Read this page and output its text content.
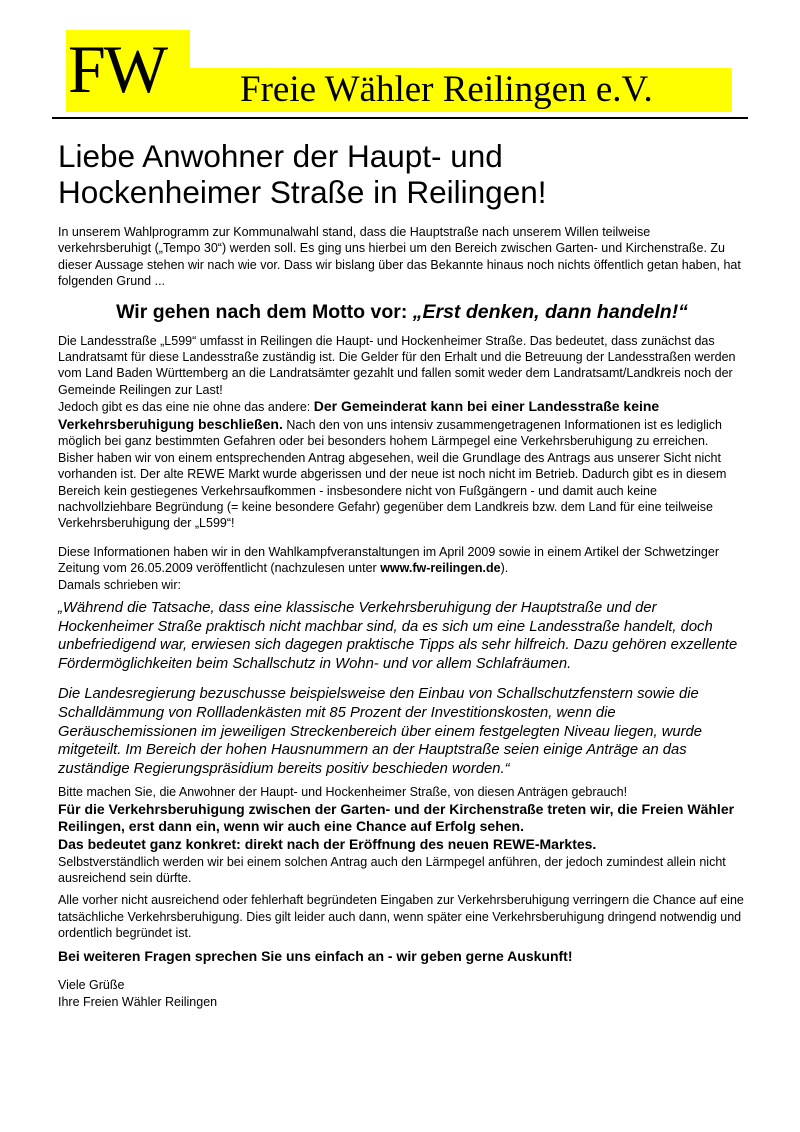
FW Freie Wähler Reilingen e.V.
Liebe Anwohner der Haupt- und
Hockenheimer Straße in Reilingen!

In unserem Wahlprogramm zur Kommunalwahl stand, dass die Hauptstraße nach unserem Willen teilweise verkehrsberuhigt („Tempo 30“) werden soll. Es ging uns hierbei um den Bereich zwischen Garten- und Kirchenstraße. Zu dieser Aussage stehen wir nach wie vor. Dass wir bislang über das Bekannte hinaus noch nichts öffentlich getan haben, hat folgenden Grund ...

Wir gehen nach dem Motto vor: „Erst denken, dann handeln!“

Die Landesstraße „L599“ umfasst in Reilingen die Haupt- und Hockenheimer Straße. Das bedeutet, dass zunächst das Landratsamt für diese Landesstraße zuständig ist. Die Gelder für den Erhalt und die Betreuung der Landesstraßen werden vom Land Baden Württemberg an die Landratsämter gezahlt und fallen somit weder dem Landratsamt/Landkreis noch der Gemeinde Reilingen zur Last!

Jedoch gibt es das eine nie ohne das andere: Der Gemeinderat kann bei einer Landesstraße keine Verkehrsberuhigung beschließen. Nach den von uns intensiv zusammengetragenen Informationen ist es lediglich möglich bei ganz bestimmten Gefahren oder bei besonders hohem Lärmpegel eine Verkehrsberuhigung zu erreichen.

Bisher haben wir von einem entsprechenden Antrag abgesehen, weil die Grundlage des Antrags aus unserer Sicht nicht vorhanden ist. Der alte REWE Markt wurde abgerissen und der neue ist noch nicht im Betrieb. Dadurch gibt es in diesem Bereich kein gestiegenes Verkehrsaufkommen - insbesondere nicht von Fußgängern - und damit auch keine nachvollziehbare Begründung (= keine besondere Gefahr) gegenüber dem Landkreis bzw. dem Land für eine teilweise Verkehrsberuhigung der „L599“!

Diese Informationen haben wir in den Wahlkampfveranstaltungen im April 2009 sowie in einem Artikel der Schwetzinger Zeitung vom 26.05.2009 veröffentlicht (nachzulesen unter www.fw-reilingen.de).
Damals schrieben wir:

„Während die Tatsache, dass eine klassische Verkehrsberuhigung der Hauptstraße und der Hockenheimer Straße praktisch nicht machbar sind, da es sich um eine Landesstraße handelt, doch unbefriedigend war, erwiesen sich dagegen praktische Tipps als sehr hilfreich. Dazu gehören exzellente Fördermöglichkeiten beim Schallschutz in Wohn- und vor allem Schlafräumen.

Die Landesregierung bezuschusse beispielsweise den Einbau von Schallschutzfenstern sowie die Schalldämmung von Rollladenkästen mit 85 Prozent der Investitionskosten, wenn die Geräuschemissionen im jeweiligen Streckenbereich über einem festgelegten Niveau liegen, wurde mitgeteilt. Im Bereich der hohen Hausnummern an der Hauptstraße seien einige Anträge an das zuständige Regierungspräsidium bereits positiv beschieden worden.“

Bitte machen Sie, die Anwohner der Haupt- und Hockenheimer Straße, von diesen Anträgen gebrauch!

Für die Verkehrsberuhigung zwischen der Garten- und der Kirchenstraße treten wir, die Freien Wähler Reilingen, erst dann ein, wenn wir auch eine Chance auf Erfolg sehen.

Das bedeutet ganz konkret: direkt nach der Eröffnung des neuen REWE-Marktes.

Selbstverständlich werden wir bei einem solchen Antrag auch den Lärmpegel anführen, der jedoch zumindest allein nicht ausreichend sein dürfte.

Alle vorher nicht ausreichend oder fehlerhaft begründeten Eingaben zur Verkehrsberuhigung verringern die Chance auf eine tatsächliche Verkehrsberuhigung. Dies gilt leider auch dann, wenn später eine Verkehrsberuhigung dringend notwendig und ordentlich begründet ist.

Bei weiteren Fragen sprechen Sie uns einfach an - wir geben gerne Auskunft!

Viele Grüße
Ihre Freien Wähler Reilingen
